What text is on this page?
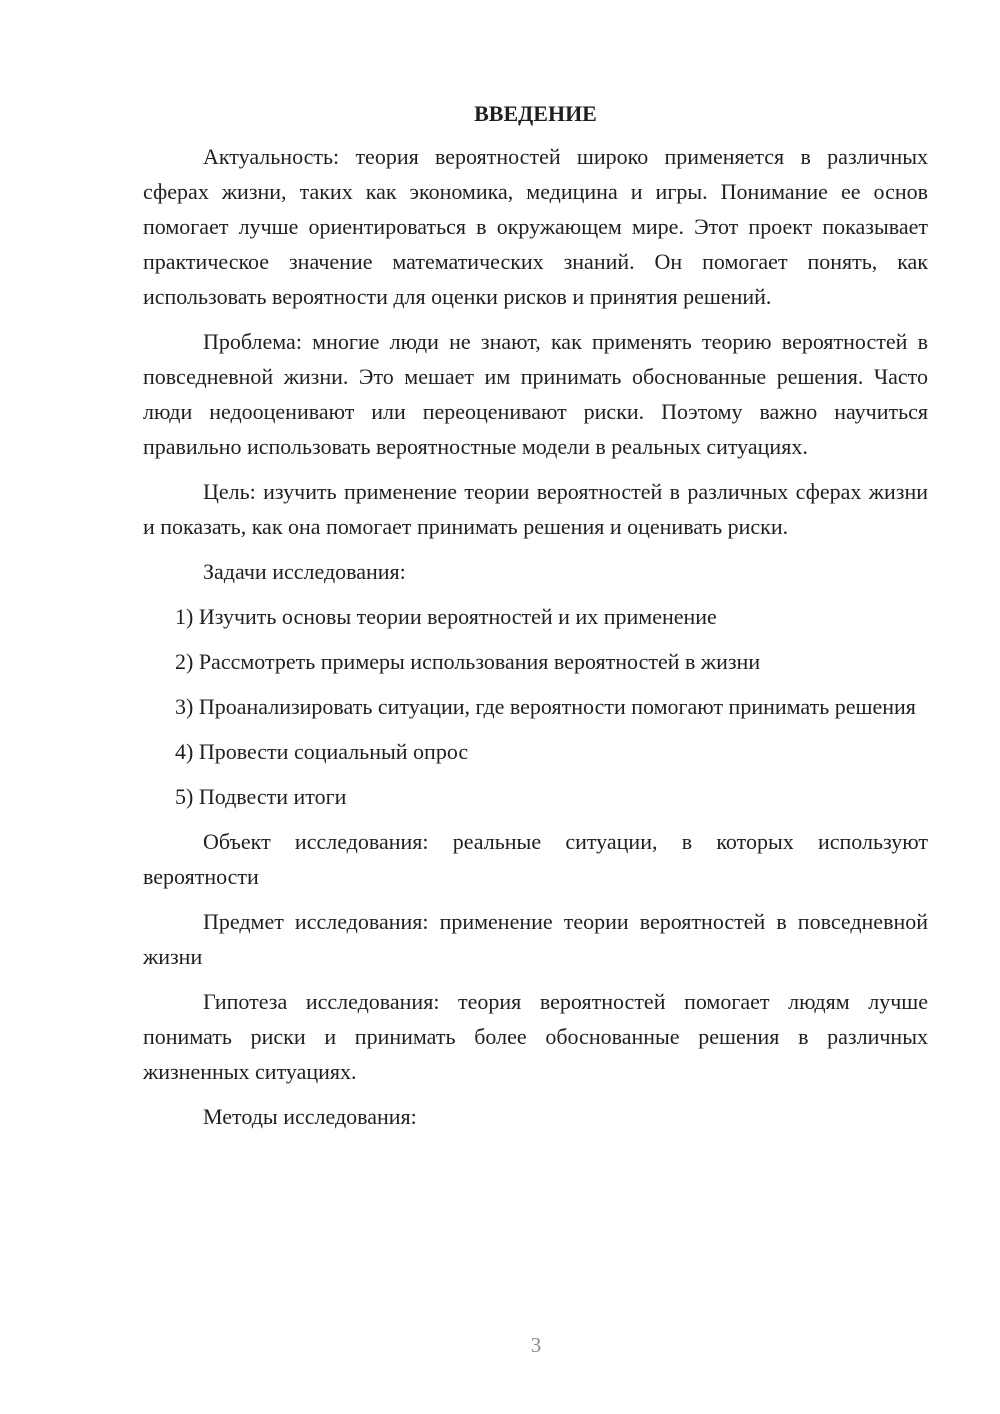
ВВЕДЕНИЕ

Актуальность: теория вероятностей широко применяется в различных сферах жизни, таких как экономика, медицина и игры. Понимание ее основ помогает лучше ориентироваться в окружающем мире. Этот проект показывает практическое значение математических знаний. Он помогает понять, как использовать вероятности для оценки рисков и принятия решений.

Проблема: многие люди не знают, как применять теорию вероятностей в повседневной жизни. Это мешает им принимать обоснованные решения. Часто люди недооценивают или переоценивают риски. Поэтому важно научиться правильно использовать вероятностные модели в реальных ситуациях.

Цель: изучить применение теории вероятностей в различных сферах жизни и показать, как она помогает принимать решения и оценивать риски.

Задачи исследования:

1) Изучить основы теории вероятностей и их применение

2) Рассмотреть примеры использования вероятностей в жизни

3) Проанализировать ситуации, где вероятности помогают принимать решения

4) Провести социальный опрос

5) Подвести итоги

Объект исследования: реальные ситуации, в которых используют вероятности

Предмет исследования: применение теории вероятностей в повседневной жизни

Гипотеза исследования: теория вероятностей помогает людям лучше понимать риски и принимать более обоснованные решения в различных жизненных ситуациях.

Методы исследования:

3
